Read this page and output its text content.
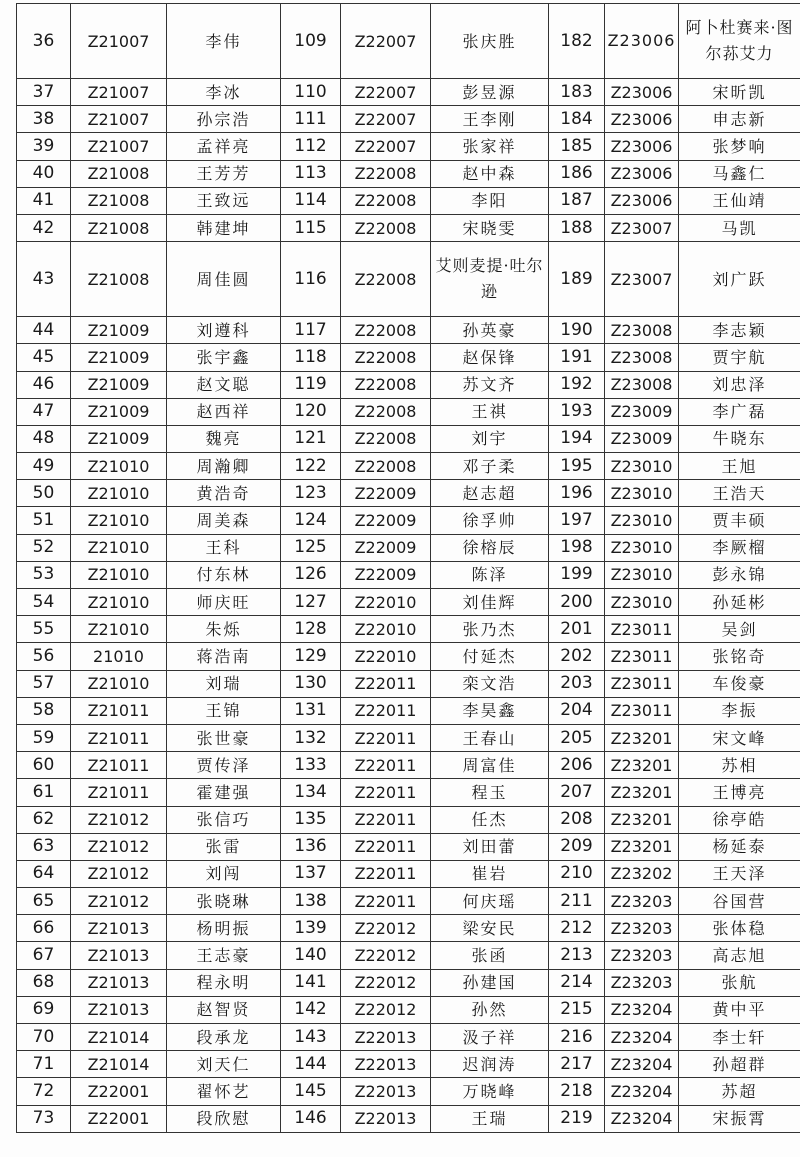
36	Z21007	李伟	109	Z22007	张庆胜	182	Z23006	阿卜杜赛来·图尔荪艾力
37	Z21007	李冰	110	Z22007	彭昱源	183	Z23006	宋昕凯
38	Z21007	孙宗浩	111	Z22007	王李刚	184	Z23006	申志新
39	Z21007	孟祥亮	112	Z22007	张家祥	185	Z23006	张梦响
40	Z21008	王芳芳	113	Z22008	赵中森	186	Z23006	马鑫仁
41	Z21008	王致远	114	Z22008	李阳	187	Z23006	王仙靖
42	Z21008	韩建坤	115	Z22008	宋晓雯	188	Z23007	马凯
43	Z21008	周佳圆	116	Z22008	艾则麦提·吐尔逊	189	Z23007	刘广跃
44	Z21009	刘遵科	117	Z22008	孙英豪	190	Z23008	李志颖
45	Z21009	张宇鑫	118	Z22008	赵保锋	191	Z23008	贾宇航
46	Z21009	赵文聪	119	Z22008	苏文齐	192	Z23008	刘忠泽
47	Z21009	赵西祥	120	Z22008	王祺	193	Z23009	李广磊
48	Z21009	魏亮	121	Z22008	刘宇	194	Z23009	牛晓东
49	Z21010	周瀚卿	122	Z22008	邓子柔	195	Z23010	王旭
50	Z21010	黄浩奇	123	Z22009	赵志超	196	Z23010	王浩天
51	Z21010	周美森	124	Z22009	徐孚帅	197	Z23010	贾丰硕
52	Z21010	王科	125	Z22009	徐榕辰	198	Z23010	李厥榴
53	Z21010	付东林	126	Z22009	陈泽	199	Z23010	彭永锦
54	Z21010	师庆旺	127	Z22010	刘佳辉	200	Z23010	孙延彬
55	Z21010	朱烁	128	Z22010	张乃杰	201	Z23011	吴剑
56	21010	蒋浩南	129	Z22010	付延杰	202	Z23011	张铭奇
57	Z21010	刘瑞	130	Z22011	栾文浩	203	Z23011	车俊豪
58	Z21011	王锦	131	Z22011	李昊鑫	204	Z23011	李振
59	Z21011	张世豪	132	Z22011	王春山	205	Z23201	宋文峰
60	Z21011	贾传泽	133	Z22011	周富佳	206	Z23201	苏相
61	Z21011	霍建强	134	Z22011	程玉	207	Z23201	王博亮
62	Z21012	张信巧	135	Z22011	任杰	208	Z23201	徐亭皓
63	Z21012	张雷	136	Z22011	刘田蕾	209	Z23201	杨延泰
64	Z21012	刘闯	137	Z22011	崔岩	210	Z23202	王天泽
65	Z21012	张晓琳	138	Z22011	何庆瑶	211	Z23203	谷国营
66	Z21013	杨明振	139	Z22012	梁安民	212	Z23203	张体稳
67	Z21013	王志豪	140	Z22012	张函	213	Z23203	高志旭
68	Z21013	程永明	141	Z22012	孙建国	214	Z23203	张航
69	Z21013	赵智贤	142	Z22012	孙然	215	Z23204	黄中平
70	Z21014	段承龙	143	Z22013	汲子祥	216	Z23204	李士轩
71	Z21014	刘天仁	144	Z22013	迟润涛	217	Z23204	孙超群
72	Z22001	翟怀艺	145	Z22013	万晓峰	218	Z23204	苏超
73	Z22001	段欣慰	146	Z22013	王瑞	219	Z23204	宋振霄
